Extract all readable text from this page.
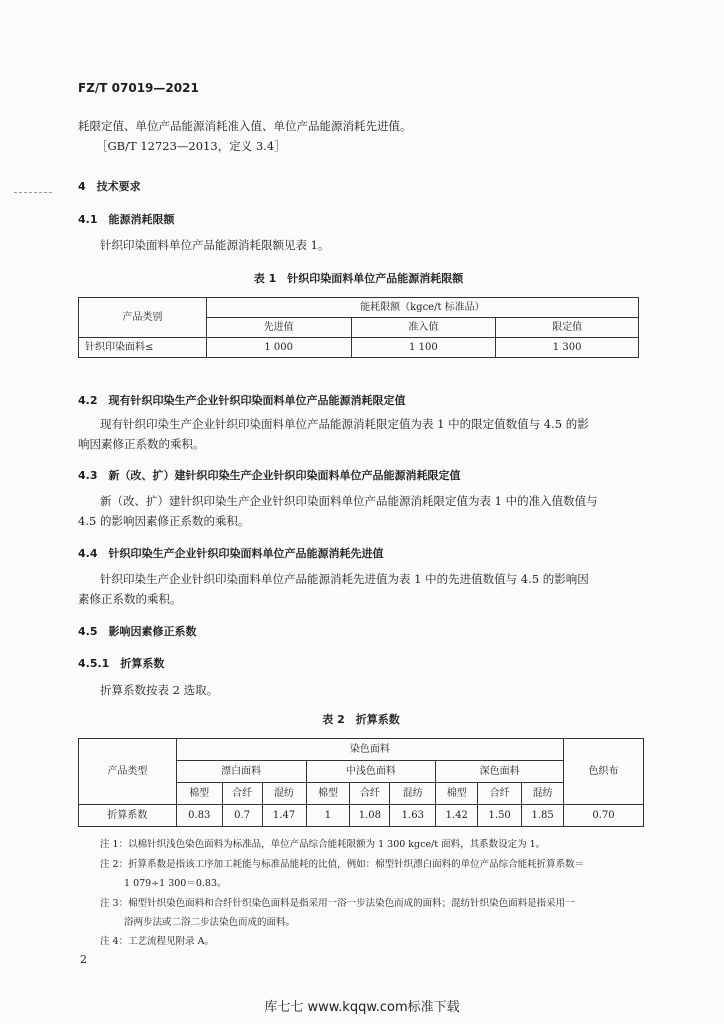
FZ/T 07019—2021
耗限定值、单位产品能源消耗准入值、单位产品能源消耗先进值。
［GB/T 12723—2013，定义 3.4］
4　技术要求
4.1　能源消耗限额
针织印染面料单位产品能源消耗限额见表 1。
表 1　针织印染面料单位产品能源消耗限额
产品类别	能耗限额（kgce/t 标准品）		
	先进值	准入值	限定值
针织印染面料≤	1 000	1 100	1 300
4.2　现有针织印染生产企业针织印染面料单位产品能源消耗限定值
现有针织印染生产企业针织印染面料单位产品能源消耗限定值为表 1 中的限定值数值与 4.5 的影
响因素修正系数的乘积。
4.3　新（改、扩）建针织印染生产企业针织印染面料单位产品能源消耗限定值
新（改、扩）建针织印染生产企业针织印染面料单位产品能源消耗限定值为表 1 中的准入值数值与
4.5 的影响因素修正系数的乘积。
4.4　针织印染生产企业针织印染面料单位产品能源消耗先进值
针织印染生产企业针织印染面料单位产品能源消耗先进值为表 1 中的先进值数值与 4.5 的影响因
素修正系数的乘积。
4.5　影响因素修正系数
4.5.1　折算系数
折算系数按表 2 选取。
表 2　折算系数
产品类型	染色面料									色织布
	漂白面料			中浅色面料			深色面料			
	棉型	合纤	混纺	棉型	合纤	混纺	棉型	合纤	混纺	
折算系数	0.83	0.7	1.47	1	1.08	1.63	1.42	1.50	1.85	0.70
注 1：以棉针织浅色染色面料为标准品，单位产品综合能耗限额为 1 300 kgce/t 面料，其系数设定为 1。
注 2：折算系数是指该工序加工耗能与标准品能耗的比值，例如：棉型针织漂白面料的单位产品综合能耗折算系数＝
1 079÷1 300＝0.83。
注 3：棉型针织染色面料和合纤针织染色面料是指采用一浴一步法染色而成的面料；混纺针织染色面料是指采用一
浴两步法或二浴二步法染色而成的面料。
注 4：工艺流程见附录 A。
2
库七七 www.kqqw.com标准下载
